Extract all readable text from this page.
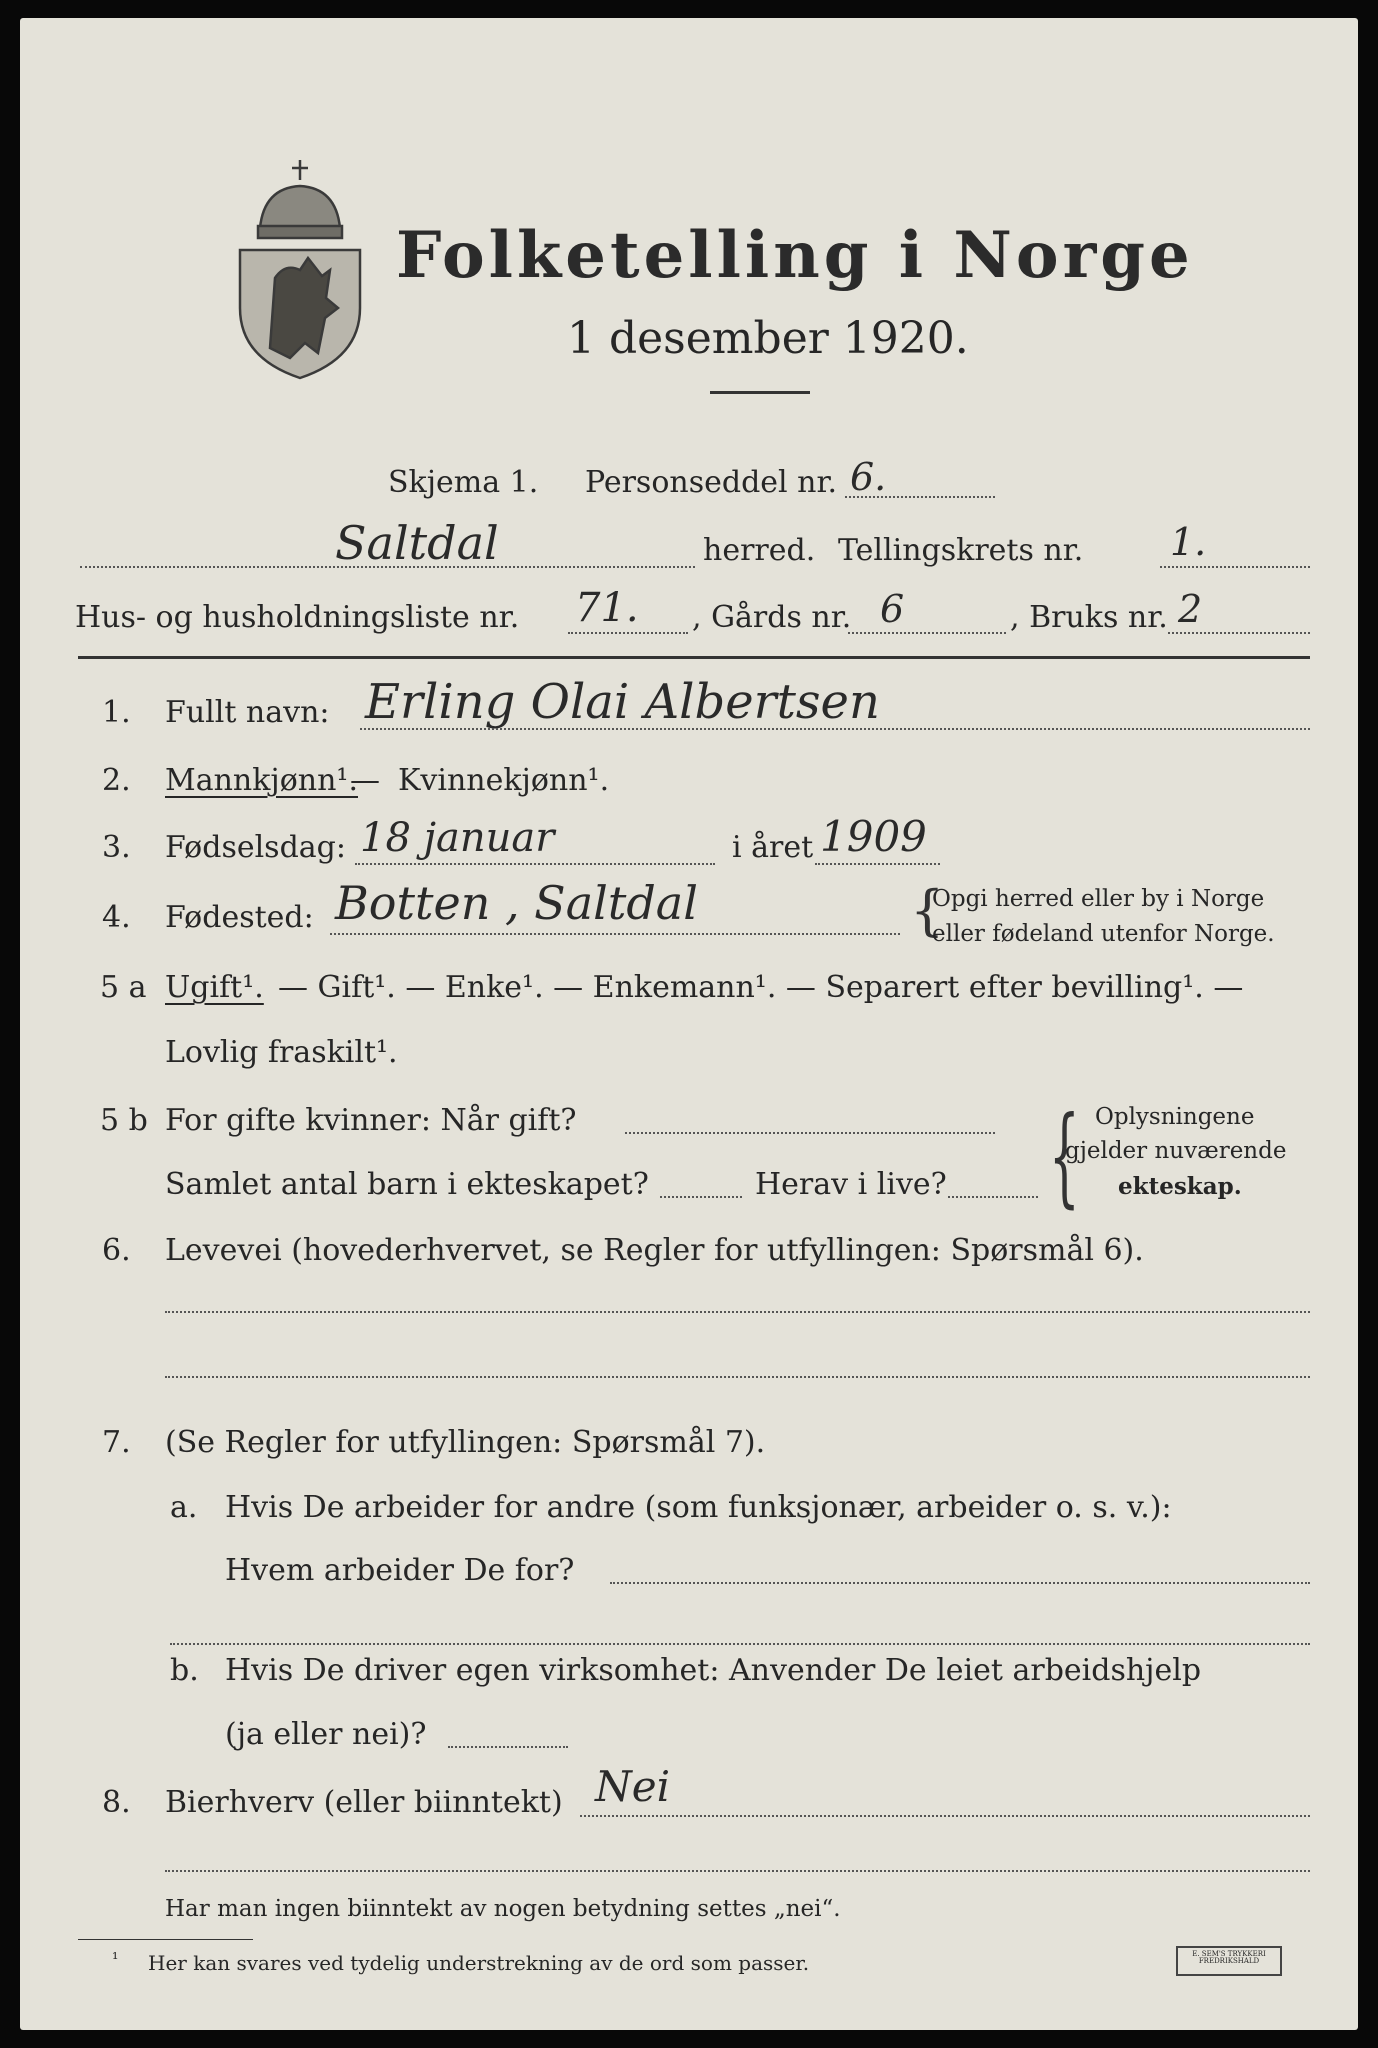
Folketelling i Norge
1 desember 1920.
Skjema 1. Personseddel nr. 6.
Saltdal	herred. Tellingskrets nr. 1.
Hus- og husholdningsliste nr. 71. , Gårds nr. 6	, Bruks nr. 2
1. Fullt navn: Erling Olai Albertsen
2. Mannkjønn¹.
— Kvinnekjønn¹.
3. Fødselsdag: 18 januar	i året 1909
4. Fødested: Botten , Saltdal	{
Opgi herred eller by i Norge
eller fødeland utenfor Norge.
5 a Ugift¹. — Gift¹. — Enke¹. — Enkemann¹. — Separert efter bevilling¹. —
Lovlig fraskilt¹.
5 b For gifte kvinner: Når gift?
Samlet antal barn i ekteskapet?	Herav i live? { Oplysningene
gjelder nuværende
ekteskap.
6. Levevei (hovederhvervet, se Regler for utfyllingen: Spørsmål 6).
7. (Se Regler for utfyllingen: Spørsmål 7).
a. Hvis De arbeider for andre (som funksjonær, arbeider o. s. v.):
Hvem arbeider De for?
b. Hvis De driver egen virksomhet: Anvender De leiet arbeidshjelp
(ja eller nei)?
8. Bierhverv (eller biinntekt) Nei
Har man ingen biinntekt av nogen betydning settes „nei“.
¹ Her kan svares ved tydelig understrekning av de ord som passer.	E. SEM'S TRYKKERI
FREDRIKSHALD
